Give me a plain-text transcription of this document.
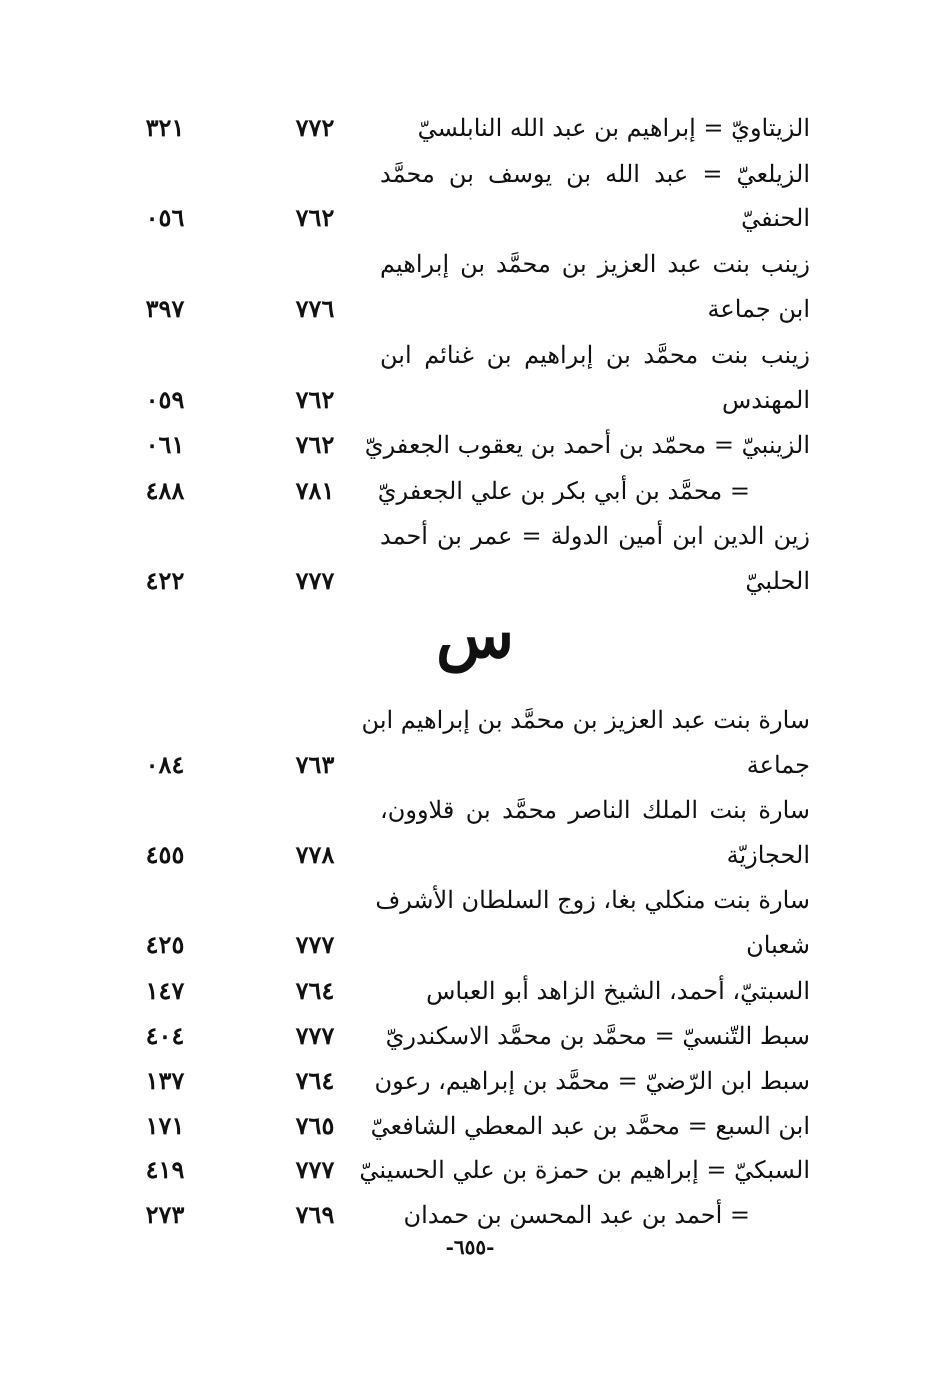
الزيتاويّ = إبراهيم بن عبد الله النابلسيّ
٧٧٢
٣٢١
الزيلعيّ = عبد الله بن يوسف بن محمَّد
الحنفيّ
٧٦٢
٠٥٦
زينب بنت عبد العزيز بن محمَّد بن إبراهيم
ابن جماعة
٧٧٦
٣٩٧
زينب بنت محمَّد بن إبراهيم بن غنائم ابن
المهندس
٧٦٢
٠٥٩
الزينبيّ = محمّد بن أحمد بن يعقوب الجعفريّ
٧٦٢
٠٦١
= محمَّد بن أبي بكر بن علي الجعفريّ
٧٨١
٤٨٨
زين الدين ابن أمين الدولة = عمر بن أحمد
الحلبيّ
٧٧٧
٤٢٢
س
سارة بنت عبد العزيز بن محمَّد بن إبراهيم ابن
جماعة
٧٦٣
٠٨٤
سارة بنت الملك الناصر محمَّد بن قلاوون،
الحجازيّة
٧٧٨
٤٥٥
سارة بنت منكلي بغا، زوج السلطان الأشرف
شعبان
٧٧٧
٤٢٥
السبتيّ، أحمد، الشيخ الزاهد أبو العباس
٧٦٤
١٤٧
سبط التّنسيّ = محمَّد بن محمَّد الاسكندريّ
٧٧٧
٤٠٤
سبط ابن الرّضيّ = محمَّد بن إبراهيم، رعون
٧٦٤
١٣٧
ابن السبع = محمَّد بن عبد المعطي الشافعيّ
٧٦٥
١٧١
السبكيّ = إبراهيم بن حمزة بن علي الحسينيّ
٧٧٧
٤١٩
= أحمد بن عبد المحسن بن حمدان
٧٦٩
٢٧٣
-٦٥٥-
